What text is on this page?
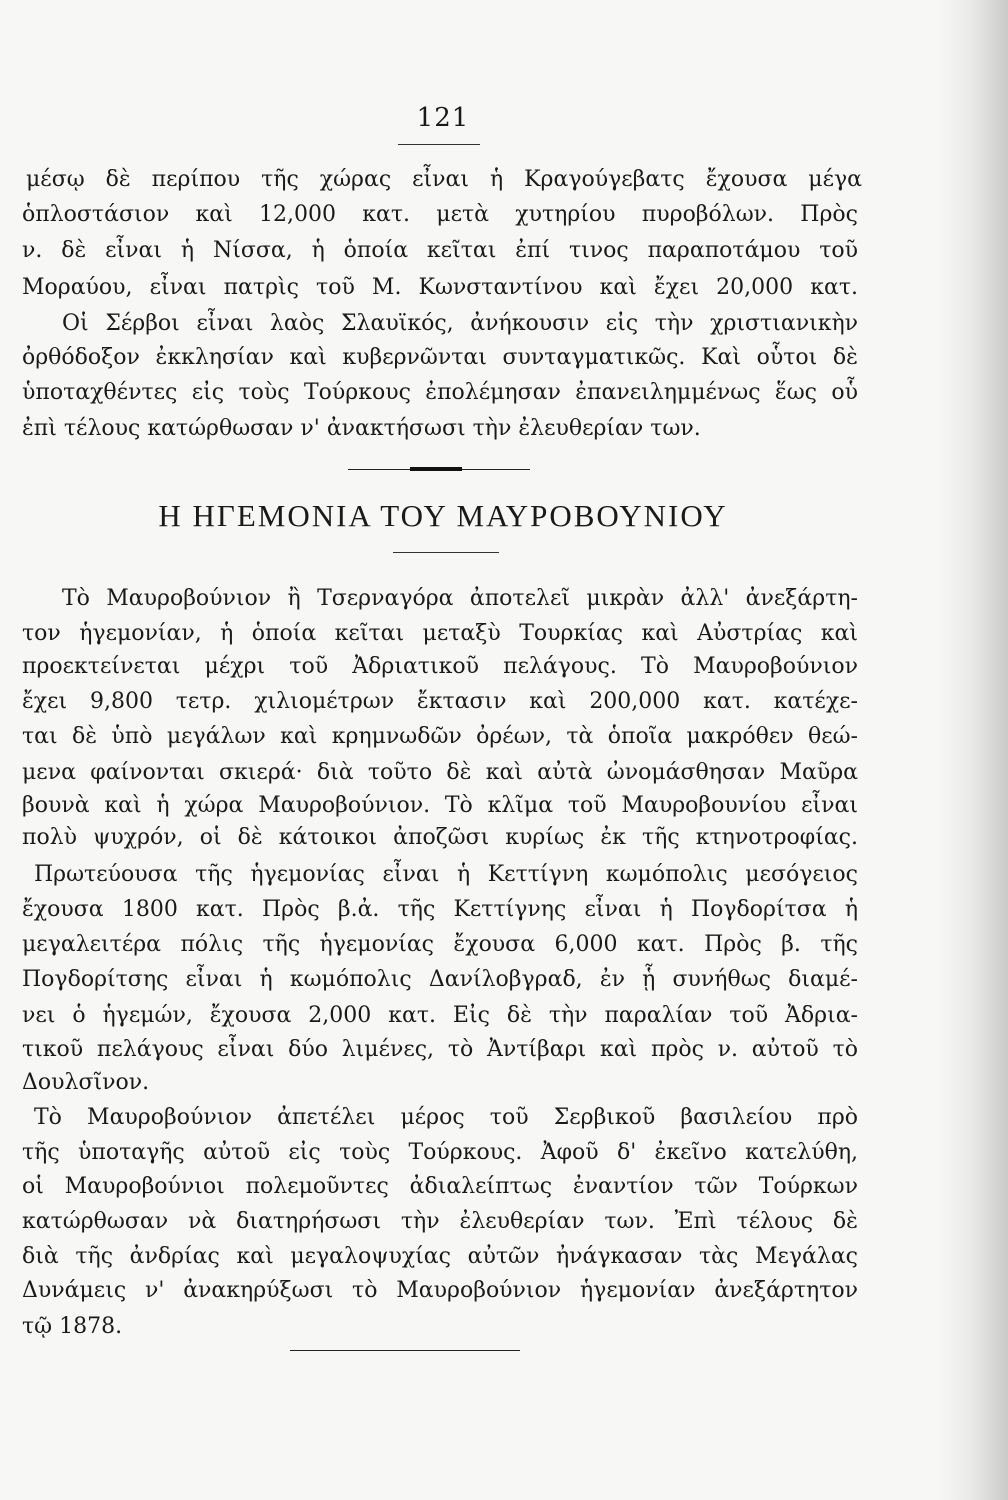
121
μέσῳ δὲ περίπου τῆς χώρας εἶναι ἡ Κραγούγεβατς ἔχουσα μέγα
ὁπλοστάσιον καὶ 12,000 κατ. μετὰ χυτηρίου πυροβόλων. Πρὸς
ν. δὲ εἶναι ἡ Νίσσα, ἡ ὁποία κεῖται ἐπί τινος παραποτάμου τοῦ
Μοραύου, εἶναι πατρὶς τοῦ Μ. Κωνσταντίνου καὶ ἔχει 20,000 κατ.
Οἱ Σέρβοι εἶναι λαὸς Σλαυϊκός, ἀνήκουσιν εἰς τὴν χριστιανικὴν
ὀρθόδοξον ἐκκλησίαν καὶ κυβερνῶνται συνταγματικῶς. Καὶ οὗτοι δὲ
ὑποταχθέντες εἰς τοὺς Τούρκους ἐπολέμησαν ἐπανειλημμένως ἕως οὗ
ἐπὶ τέλους κατώρθωσαν ν' ἀνακτήσωσι τὴν ἐλευθερίαν των.
Η ΗΓΕΜΟΝΙΑ ΤΟΥ ΜΑΥΡΟΒΟΥΝΙΟΥ
Τὸ Μαυροβούνιον ἢ Τσερναγόρα ἀποτελεῖ μικρὰν ἀλλ' ἀνεξάρτη-
τον ἡγεμονίαν, ἡ ὁποία κεῖται μεταξὺ Τουρκίας καὶ Αὐστρίας καὶ
προεκτείνεται μέχρι τοῦ Ἀδριατικοῦ πελάγους. Τὸ Μαυροβούνιον
ἔχει 9,800 τετρ. χιλιομέτρων ἔκτασιν καὶ 200,000 κατ. κατέχε-
ται δὲ ὑπὸ μεγάλων καὶ κρημνωδῶν ὀρέων, τὰ ὁποῖα μακρόθεν θεώ-
μενα φαίνονται σκιερά· διὰ τοῦτο δὲ καὶ αὐτὰ ὠνομάσθησαν Μαῦρα
βουνὰ καὶ ἡ χώρα Μαυροβούνιον. Τὸ κλῖμα τοῦ Μαυροβουνίου εἶναι
πολὺ ψυχρόν, οἱ δὲ κάτοικοι ἀποζῶσι κυρίως ἐκ τῆς κτηνοτροφίας.
Πρωτεύουσα τῆς ἡγεμονίας εἶναι ἡ Κεττίγνη κωμόπολις μεσόγειος
ἔχουσα 1800 κατ. Πρὸς β.ἀ. τῆς Κεττίγνης εἶναι ἡ Πογδορίτσα ἡ
μεγαλειτέρα πόλις τῆς ἡγεμονίας ἔχουσα 6,000 κατ. Πρὸς β. τῆς
Πογδορίτσης εἶναι ἡ κωμόπολις Δανίλοβγραδ, ἐν ᾗ συνήθως διαμέ-
νει ὁ ἡγεμών, ἔχουσα 2,000 κατ. Εἰς δὲ τὴν παραλίαν τοῦ Ἀδρια-
τικοῦ πελάγους εἶναι δύο λιμένες, τὸ Ἀντίβαρι καὶ πρὸς ν. αὐτοῦ τὸ
Δουλσῖνον.
Τὸ Μαυροβούνιον ἀπετέλει μέρος τοῦ Σερβικοῦ βασιλείου πρὸ
τῆς ὑποταγῆς αὐτοῦ εἰς τοὺς Τούρκους. Ἀφοῦ δ' ἐκεῖνο κατελύθη,
οἱ Μαυροβούνιοι πολεμοῦντες ἀδιαλείπτως ἐναντίον τῶν Τούρκων
κατώρθωσαν νὰ διατηρήσωσι τὴν ἐλευθερίαν των. Ἐπὶ τέλους δὲ
διὰ τῆς ἀνδρίας καὶ μεγαλοψυχίας αὐτῶν ἠνάγκασαν τὰς Μεγάλας
Δυνάμεις ν' ἀνακηρύξωσι τὸ Μαυροβούνιον ἡγεμονίαν ἀνεξάρτητον
τῷ 1878.
